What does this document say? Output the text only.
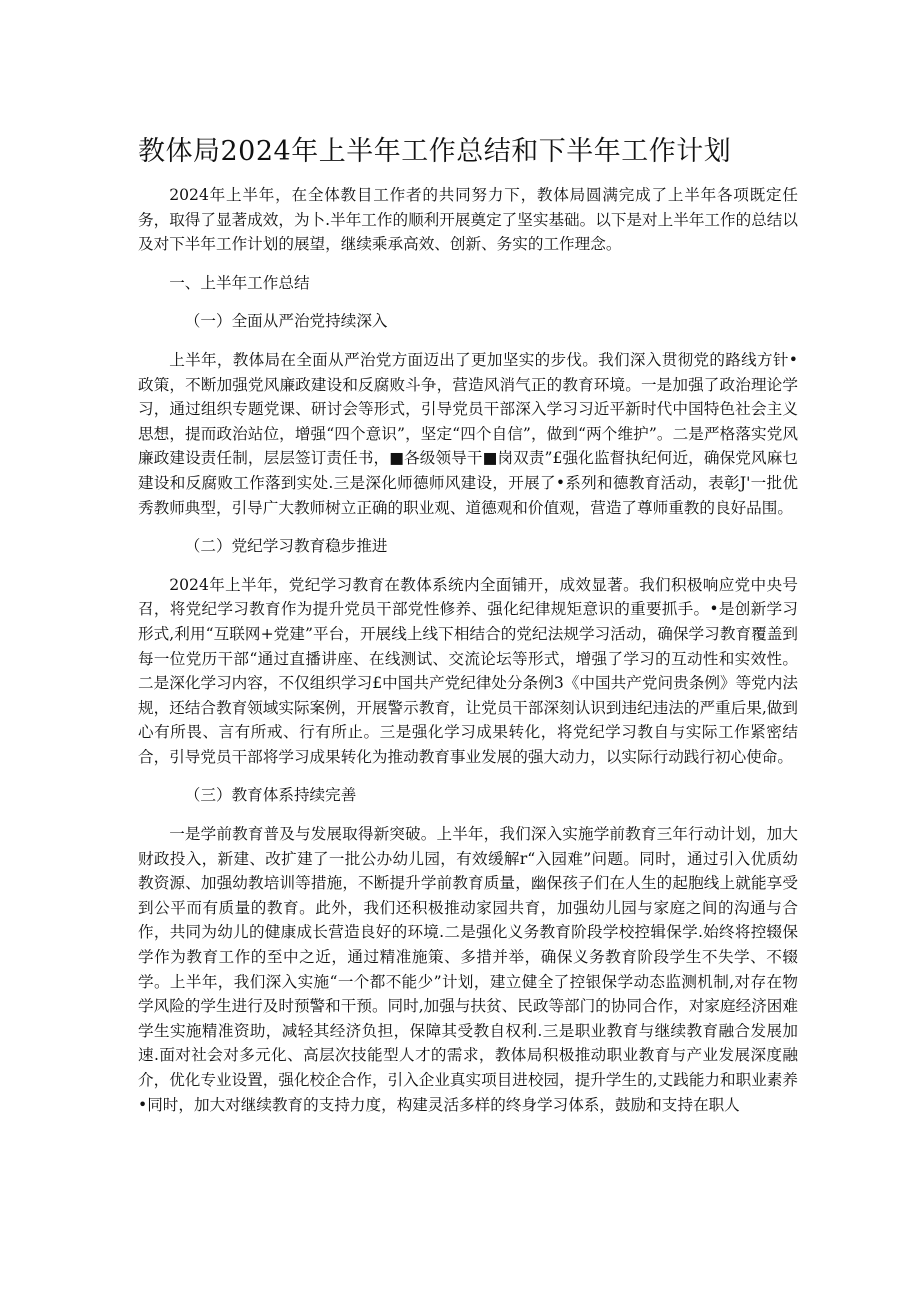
教体局2024年上半年工作总结和下半年工作计划

2024年上半年，在全体教目工作者的共同努力下，教体局圆满完成了上半年各项既定任务，取得了显著成效，为卜.半年工作的顺利开展奠定了坚实基础。以下是对上半年工作的总结以及对下半年工作计划的展望，继续乘承高效、创新、务实的工作理念。

一、上半年工作总结

（一）全面从严治党持续深入

上半年，教体局在全面从严治党方面迈出了更加坚实的步伐。我们深入贯彻党的路线方针•政策，不断加强党风廉政建设和反腐败斗争，营造风消气正的教育环境。一是加强了政治理论学习，通过组织专题党课、研讨会等形式，引导党员干部深入学习习近平新时代中国特色社会主义思想，提而政治站位，增强“四个意识”，坚定“四个自信”，做到“两个维护”。二是严格落实党风廉政建设责任制，层层签订责任书，■各级领导干■岗双责”£强化监督执纪何近，确保党风麻乜建设和反腐败工作落到实处.三是深化师德师风建设，开展了•系列和德教育活动，表彰J'一批优秀教师典型，引导广大教师树立正确的职业观、道德观和价值观，营造了尊师重教的良好品围。

（二）党纪学习教育稳步推进

2024年上半年，党纪学习教育在教体系统内全面铺开，成效显著。我们积极响应党中央号召，将党纪学习教育作为提升党员干部党性修养、强化纪律规矩意识的重要抓手。•是创新学习形式,利用“互联网+党建”平台，开展线上线下相结合的党纪法规学习活动，确保学习教育覆盖到每一位党历干部“通过直播讲座、在线测试、交流论坛等形式，增强了学习的互动性和实效性。二是深化学习内容，不仅组织学习£中国共产党纪律处分条例3《中国共产党问贵条例》等党内法规，还结合教育领域实际案例，开展警示教育，让党员干部深刻认识到违纪违法的严重后果,做到心有所畏、言有所戒、行有所止。三是强化学习成果转化，将党纪学习教自与实际工作紧密结合，引导党员干部将学习成果转化为推动教育事业发展的强大动力，以实际行动践行初心使命。

（三）教育体系持续完善

一是学前教育普及与发展取得新突破。上半年，我们深入实施学前教育三年行动计划，加大财政投入，新建、改扩建了一批公办幼儿园，有效缓解r“入园难”问题。同时，通过引入优质幼教资源、加强幼教培训等措施，不断提升学前教育质量，幽保孩子们在人生的起胞线上就能享受到公平而有质量的教育。此外，我们还积极推动家园共育，加强幼儿园与家庭之间的沟通与合作，共同为幼儿的健康成长营造良好的环境.二是强化义务教育阶段学校控辑保学.始终将控辍保学作为教育工作的至中之近，通过精准施策、多措并举，确保义务教育阶段学生不失学、不辍学。上半年，我们深入实施“一个都不能少”计划，建立健全了控银保学动态监测机制,对存在物学风险的学生进行及时预警和干预。同时,加强与扶贫、民政等部门的协同合作，对家庭经济困难学生实施精准资助，减轻其经济负担，保障其受教自权利.三是职业教育与继续教育融合发展加速.面对社会对多元化、高层次技能型人才的需求，教体局积极推动职业教育与产业发展深度融介，优化专业设置，强化校企合作，引入企业真实项目进校园，提升学生的,丈践能力和职业素养•同时，加大对继续教育的支持力度，构建灵活多样的终身学习体系，鼓励和支持在职人
